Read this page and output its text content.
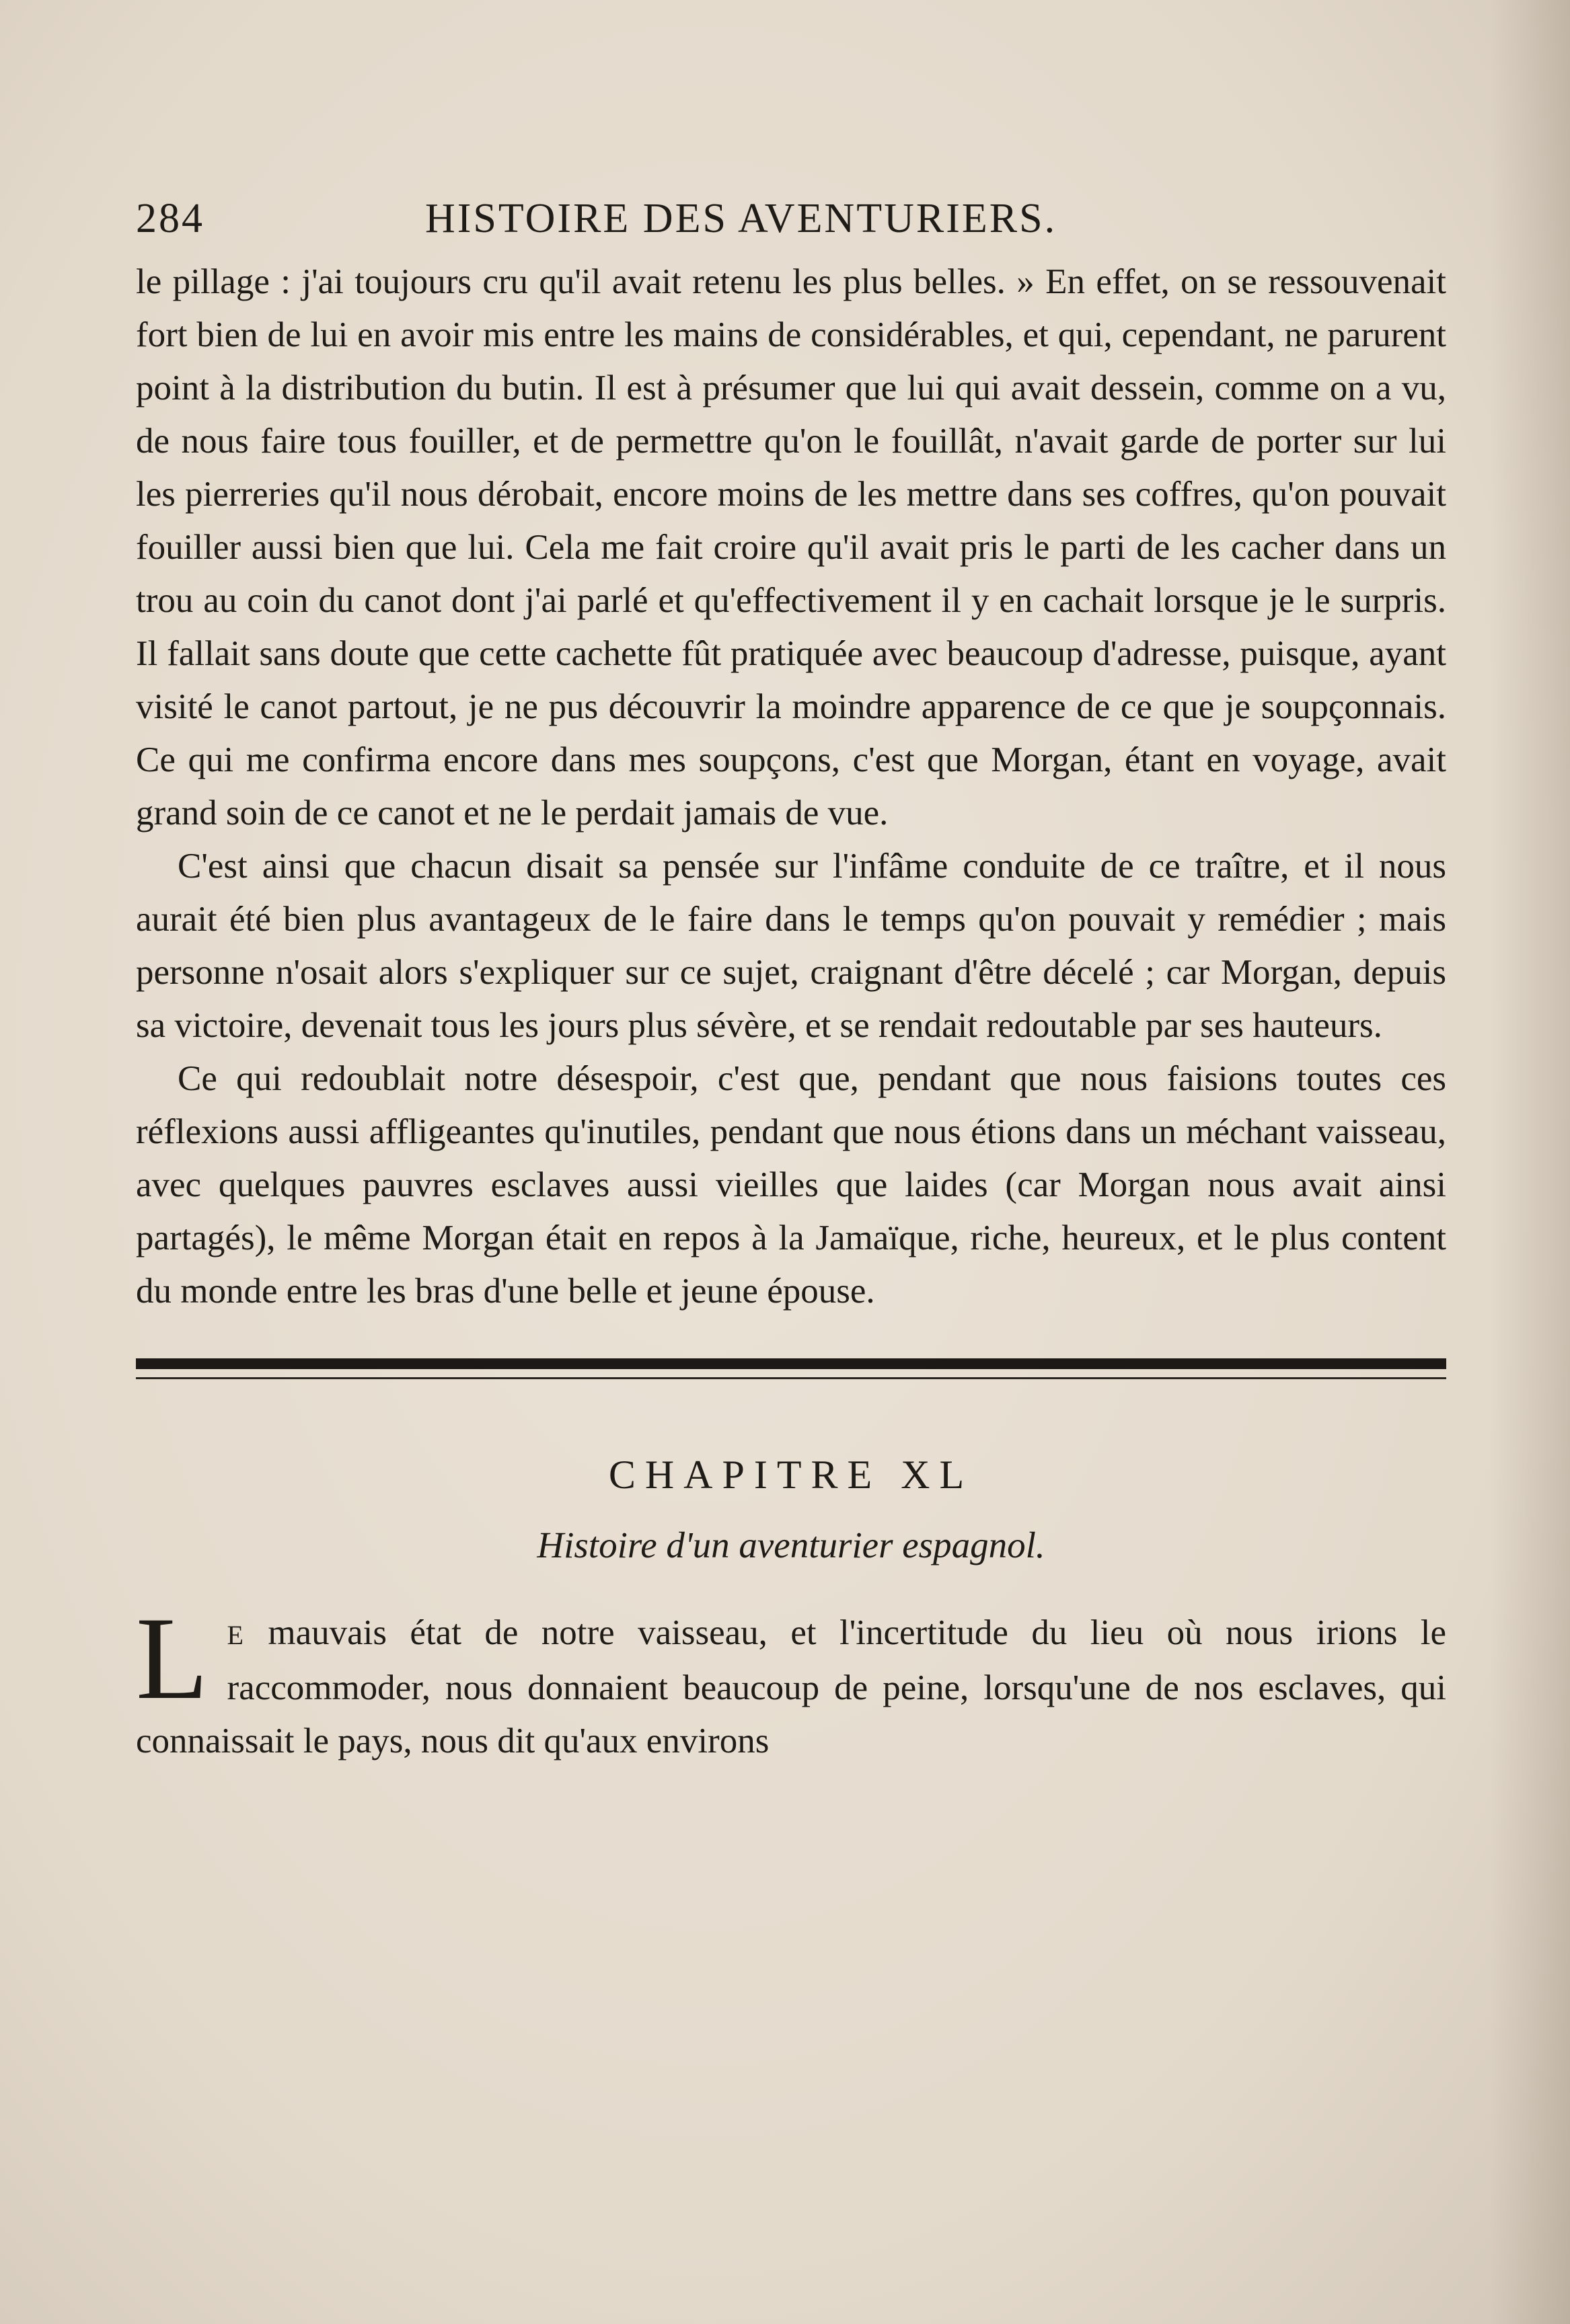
284	HISTOIRE DES AVENTURIERS.

le pillage : j'ai toujours cru qu'il avait retenu les plus belles. » En effet, on se ressouvenait fort bien de lui en avoir mis entre les mains de considérables, et qui, cependant, ne parurent point à la distribution du butin. Il est à présumer que lui qui avait dessein, comme on a vu, de nous faire tous fouiller, et de permettre qu'on le fouillât, n'avait garde de porter sur lui les pierreries qu'il nous dérobait, encore moins de les mettre dans ses coffres, qu'on pouvait fouiller aussi bien que lui. Cela me fait croire qu'il avait pris le parti de les cacher dans un trou au coin du canot dont j'ai parlé et qu'effectivement il y en cachait lorsque je le surpris. Il fallait sans doute que cette cachette fût pratiquée avec beaucoup d'adresse, puisque, ayant visité le canot partout, je ne pus découvrir la moindre apparence de ce que je soupçonnais. Ce qui me confirma encore dans mes soupçons, c'est que Morgan, étant en voyage, avait grand soin de ce canot et ne le perdait jamais de vue.

C'est ainsi que chacun disait sa pensée sur l'infâme conduite de ce traître, et il nous aurait été bien plus avantageux de le faire dans le temps qu'on pouvait y remédier ; mais personne n'osait alors s'expliquer sur ce sujet, craignant d'être décelé ; car Morgan, depuis sa victoire, devenait tous les jours plus sévère, et se rendait redoutable par ses hauteurs.

Ce qui redoublait notre désespoir, c'est que, pendant que nous faisions toutes ces réflexions aussi affligeantes qu'inutiles, pendant que nous étions dans un méchant vaisseau, avec quelques pauvres esclaves aussi vieilles que laides (car Morgan nous avait ainsi partagés), le même Morgan était en repos à la Jamaïque, riche, heureux, et le plus content du monde entre les bras d'une belle et jeune épouse.

CHAPITRE XL
Histoire d'un aventurier espagnol.
L E mauvais état de notre vaisseau, et l'incertitude du lieu où nous irions le raccommoder, nous donnaient beaucoup de peine, lorsqu'une de nos esclaves, qui connaissait le pays, nous dit qu'aux environs
